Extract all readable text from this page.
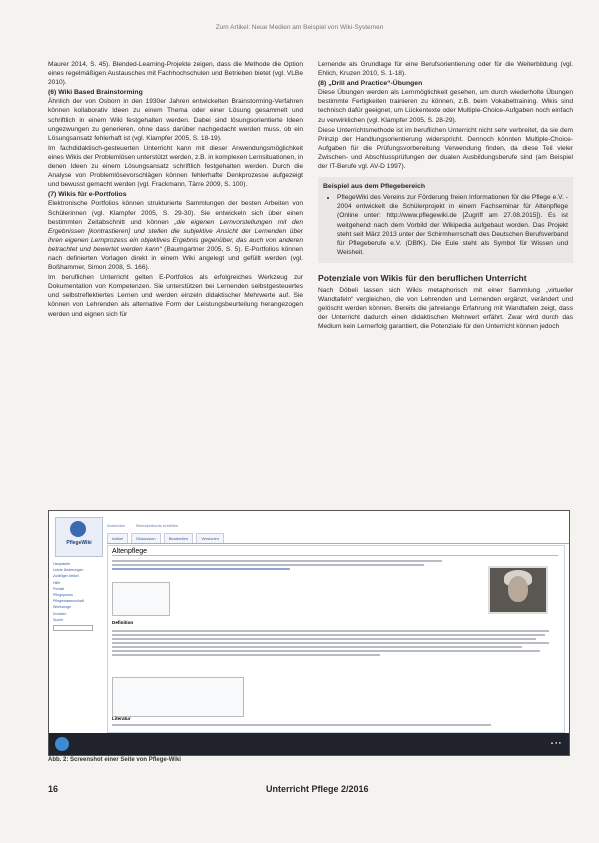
Zum Artikel: Neue Medien am Beispiel von Wiki-Systemen

Maurer 2014, S. 45). Blended-Learning-Projekte zeigen, dass die Methode die Option eines regelmäßigen Austausches mit Fachhochschulen und Betrieben bietet (vgl. VLBe 2010).

(6) Wiki Based Brainstorming

Ähnlich der von Osborn in den 1930er Jahren entwickelten Brainstorming-Verfahren können kollaborativ Ideen zu einem Thema oder einer Lösung gesammelt und schriftlich in einem Wiki festgehalten werden. Dabei sind lösungsorientierte Ideen ungezwungen zu generieren, ohne dass darüber nachgedacht werden muss, ob ein Lösungsansatz fehlerhaft ist (vgl. Klampfer 2005, S. 18-19).

Im fachdidaktisch-gesteuerten Unterricht kann mit dieser Anwendungsmöglichkeit eines Wikis der Problemlösen unterstützt werden, z.B. in komplexen Lernsituationen, in denen Ideen zu einem Lösungsansatz schriftlich festgehalten werden. Durch die Analyse von Problemlösevorschlägen können fehlerhafte Denkprozesse aufgezeigt und bewusst gemacht werden (vgl. Frackmann, Tärre 2009, S. 100).

(7) Wikis für e-Portfolios

Elektronische Portfolios können strukturierte Sammlungen der besten Arbeiten von Schülerinnen (vgl. Klampfer 2005, S. 29-30). Sie entwickeln sich über einen bestimmten Zeitabschnitt und können „die eigenen Lernvorstellungen mit den Ergebnissen [kontrastieren] und stellen die subjektive Ansicht der Lernenden über ihren eigenen Lernprozess ein objektives Ergebnis gegenüber, das auch von anderen betrachtet und bewertet werden kann“ (Baumgartner 2005, S. 5). E-Portfolios können nach definierten Vorlagen direkt in einem Wiki angelegt und gefüllt werden (vgl. Boßhammer, Simon 2008, S. 166).

Im beruflichen Unterricht gelten E-Portfolios als erfolgreiches Werkzeug zur Dokumentation von Kompetenzen. Sie unterstützen bei Lernenden selbstgesteuertes und selbstreflektiertes Lernen und werden einzeln didaktischer Mehrwerte auf. Sie können von Lehrenden als alternative Form der Leistungsbeurteilung herangezogen werden und eignen sich für

Lernende als Grundlage für eine Berufsorientierung oder für die Weiterbildung (vgl. Ehlich, Kruzen 2010, S. 1-18).

(8) „Drill and Practice“-Übungen

Diese Übungen werden als Lernmöglichkeit gesehen, um durch wiederholte Übungen bestimmte Fertigkeiten trainieren zu können, z.B. beim Vokabeltraining. Wikis sind technisch dafür geeignet, um Lückentexte oder Multiple-Choice-Aufgaben noch einfach zu verwirklichen (vgl. Klampfer 2005, S. 28-29).

Diese Unterrichtsmethode ist im beruflichen Unterricht nicht sehr verbreitet, da sie dem Prinzip der Handlungsorientierung widerspricht. Dennoch könnten Multiple-Choice-Aufgaben für die Prüfungsvorbereitung Verwendung finden, da diese Teil vieler Zwischen- und Abschlussprüfungen der dualen Ausbildungsberufe sind (am Beispiel der IT-Berufe vgl. AV-D 1997).

Beispiel aus dem Pflegebereich
• PflegeWiki des Vereins zur Förderung freien Informationen für die Pflege e.V. - 2004 entwickelt die Schülerprojekt in einem Fachseminar für Altenpflege (Online unter: http://www.pflegewiki.de [Zugriff am 27.08.2015]). Es ist weitgehend nach dem Vorbild der Wikipedia aufgebaut worden. Das Projekt steht seit März 2013 unter der Schirmherrschaft des Deutschen Berufsverband für Pflegeberufe e.V. (DBfK). Die Eule steht als Symbol für Wissen und Weisheit.
Potenziale von Wikis für den beruflichen Unterricht

Nach Döbeli lassen sich Wikis metaphorisch mit einer Sammlung „virtueller Wandtafeln“ vergleichen, die von Lehrenden und Lernenden ergänzt, verändert und gelöscht werden können. Bereits die jahrelange Erfahrung mit Wandtafeln zeigt, dass der Unterricht dadurch einen didaktischen Mehrwert erfährt. Zwar wird durch das Medium kein Lernerfolg garantiert, die Potenziale für den Unterricht können jedoch

PflegeWiki
Anmelden	Benutzerkonto erstellen
Artikel	Diskussion	Bearbeiten	Versionen
Hauptseite
Letzte Änderungen
Zufälliger Artikel
Hilfe
Portale
Pflegepraxis
Pflegewissenschaft
Werkzeuge
Drucken
Suche
Altenpflege
Definition
Literatur
▲ ● ●
Abb. 2: Screenshot einer Seite von Pflege-Wiki
16	Unterricht Pflege 2/2016
